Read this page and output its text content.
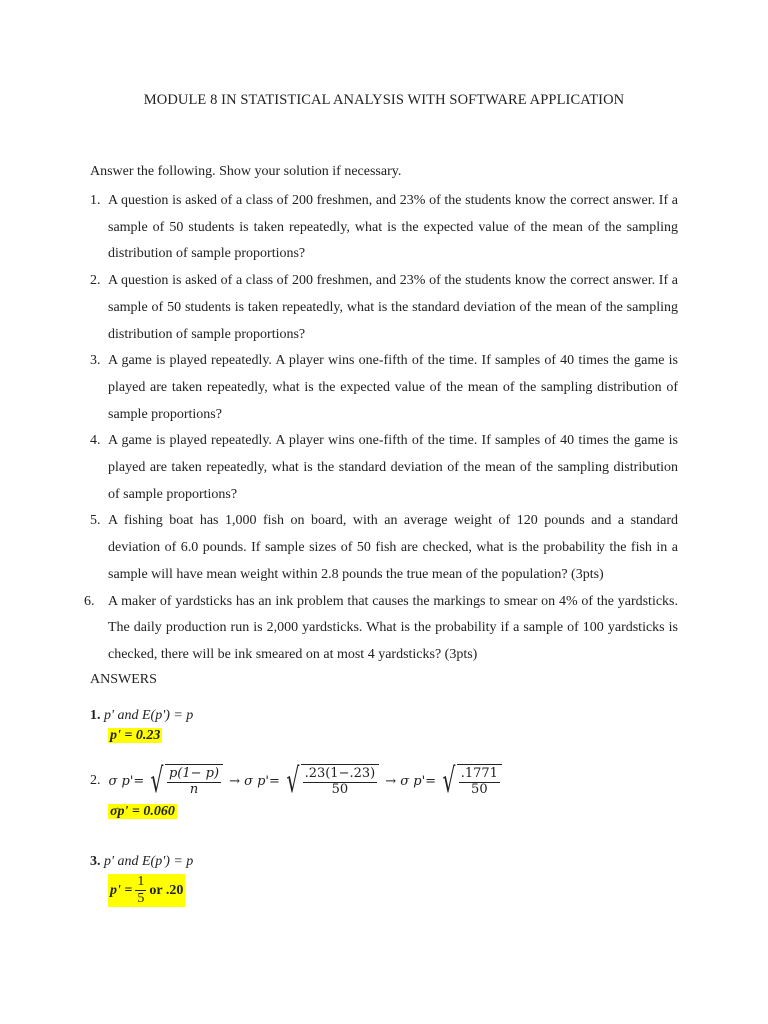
MODULE 8 IN STATISTICAL ANALYSIS WITH SOFTWARE APPLICATION
Answer the following. Show your solution if necessary.
1. A question is asked of a class of 200 freshmen, and 23% of the students know the correct answer. If a sample of 50 students is taken repeatedly, what is the expected value of the mean of the sampling distribution of sample proportions?
2. A question is asked of a class of 200 freshmen, and 23% of the students know the correct answer. If a sample of 50 students is taken repeatedly, what is the standard deviation of the mean of the sampling distribution of sample proportions?
3. A game is played repeatedly. A player wins one-fifth of the time. If samples of 40 times the game is played are taken repeatedly, what is the expected value of the mean of the sampling distribution of sample proportions?
4. A game is played repeatedly. A player wins one-fifth of the time. If samples of 40 times the game is played are taken repeatedly, what is the standard deviation of the mean of the sampling distribution of sample proportions?
5. A fishing boat has 1,000 fish on board, with an average weight of 120 pounds and a standard deviation of 6.0 pounds. If sample sizes of 50 fish are checked, what is the probability the fish in a sample will have mean weight within 2.8 pounds the true mean of the population? (3pts)
6. A maker of yardsticks has an ink problem that causes the markings to smear on 4% of the yardsticks. The daily production run is 2,000 yardsticks. What is the probability if a sample of 100 yardsticks is checked, there will be ink smeared on at most 4 yardsticks? (3pts)
ANSWERS
1. p' and E(p') = p
p' = 0.23
2. σ p'= √ $\frac{p(1- p)}{n} \to \sigma$ p'= √ $\frac{.23(1-.23)}{50} \to \sigma$ p'= √ $\frac{.1771}{50}$
σp' = 0.060
3. p' and E(p') = p
$p' = \frac{1}{5}$ or .20
